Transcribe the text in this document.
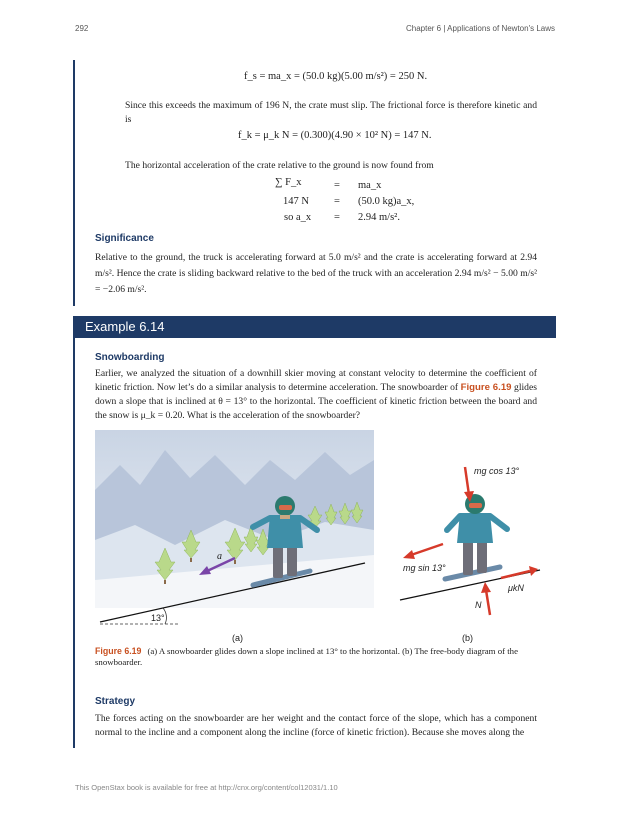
292	Chapter 6 | Applications of Newton's Laws
f_s = ma_x = (50.0 kg)(5.00 m/s²) = 250 N.
Since this exceeds the maximum of 196 N, the crate must slip. The frictional force is therefore kinetic and is
f_k = μ_k N = (0.300)(4.90 × 10² N) = 147 N.
The horizontal acceleration of the crate relative to the ground is now found from
∑ F_x	= ma_x
147 N = (50.0 kg)a_x,
so a_x = 2.94 m/s².
Significance
Relative to the ground, the truck is accelerating forward at 5.0 m/s² and the crate is accelerating forward at 2.94 m/s². Hence the crate is sliding backward relative to the bed of the truck with an acceleration 2.94 m/s² − 5.00 m/s² = −2.06 m/s².
Example 6.14
Snowboarding
Earlier, we analyzed the situation of a downhill skier moving at constant velocity to determine the coefficient of kinetic friction. Now let’s do a similar analysis to determine acceleration. The snowboarder of Figure 6.19 glides down a slope that is inclined at θ = 13° to the horizontal. The coefficient of kinetic friction between the board and the snow is μ_k = 0.20. What is the acceleration of the snowboarder?
a
13°
(a)
mg cos 13°
mg sin 13°
μkN
N
(b)
Figure 6.19 (a) A snowboarder glides down a slope inclined at 13° to the horizontal. (b) The free-body diagram of the snowboarder.
Strategy
The forces acting on the snowboarder are her weight and the contact force of the slope, which has a component normal to the incline and a component along the incline (force of kinetic friction). Because she moves along the
This OpenStax book is available for free at http://cnx.org/content/col12031/1.10
